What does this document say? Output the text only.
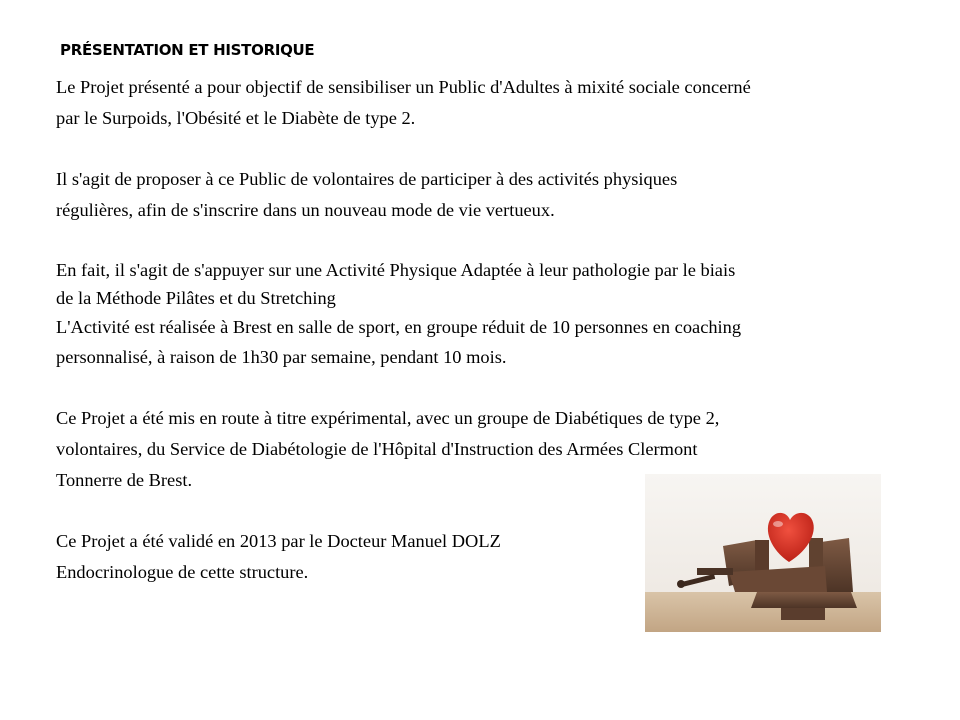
PRÉSENTATION ET HISTORIQUE

Le Projet présenté a pour objectif de sensibiliser un Public d'Adultes à mixité sociale concerné

par le Surpoids, l'Obésité et le Diabète de type 2.

Il s'agit de proposer à ce Public de volontaires de participer à des activités physiques

régulières, afin de s'inscrire dans un nouveau mode de vie vertueux.

En fait, il s'agit de s'appuyer sur une Activité Physique Adaptée à leur pathologie par le biais

de la Méthode Pilâtes et du Stretching

L'Activité est réalisée à Brest en salle de sport, en groupe réduit de 10 personnes en coaching

personnalisé, à raison de 1h30 par semaine, pendant 10 mois.

Ce Projet a été mis en route à titre expérimental, avec un groupe de Diabétiques de type 2,

volontaires, du Service de Diabétologie de l'Hôpital d'Instruction des Armées Clermont

Tonnerre de Brest.

Ce Projet a été validé en 2013 par le Docteur Manuel DOLZ

Endocrinologue de cette structure.
